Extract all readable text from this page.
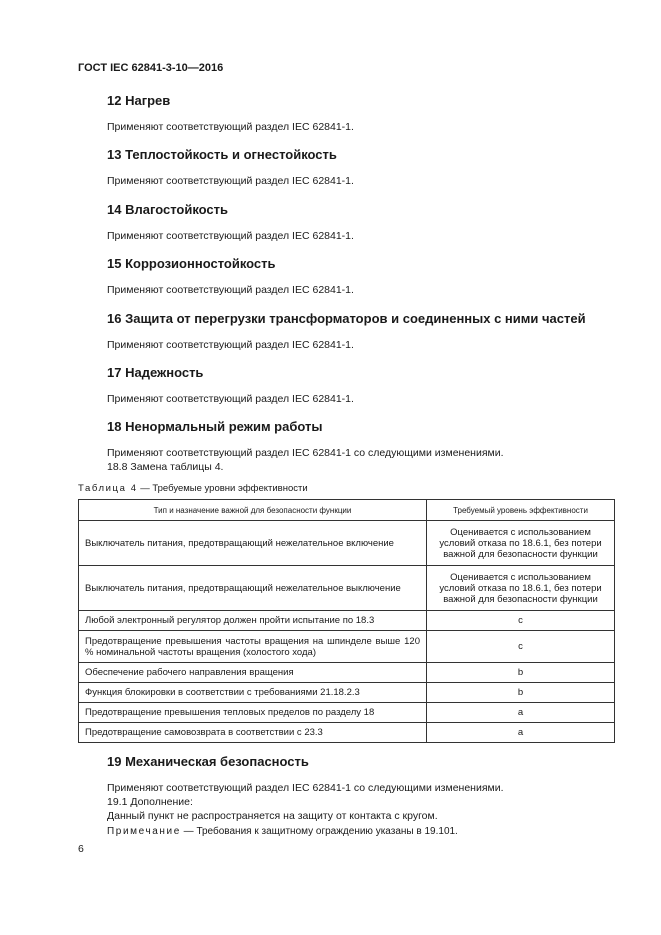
ГОСТ IEC 62841-3-10—2016
12 Нагрев
Применяют соответствующий раздел IEC 62841-1.
13 Теплостойкость и огнестойкость
Применяют соответствующий раздел IEC 62841-1.
14 Влагостойкость
Применяют соответствующий раздел IEC 62841-1.
15 Коррозионностойкость
Применяют соответствующий раздел IEC 62841-1.
16 Защита от перегрузки трансформаторов и соединенных с ними частей
Применяют соответствующий раздел IEC 62841-1.
17 Надежность
Применяют соответствующий раздел IEC 62841-1.
18 Ненормальный режим работы
Применяют соответствующий раздел IEC 62841-1 со следующими изменениями.
18.8 Замена таблицы 4.
Таблица 4 — Требуемые уровни эффективности
Тип и назначение важной для безопасности функции	Требуемый уровень эффективности
Выключатель питания, предотвращающий нежелательное включение	Оценивается с использованием условий отказа по 18.6.1, без потери важной для безопасности функции
Выключатель питания, предотвращающий нежелательное выключение	Оценивается с использованием условий отказа по 18.6.1, без потери важной для безопасности функции
Любой электронный регулятор должен пройти испытание по 18.3	c
Предотвращение превышения частоты вращения на шпинделе выше 120 % номинальной частоты вращения (холостого хода)	c
Обеспечение рабочего направления вращения	b
Функция блокировки в соответствии с требованиями 21.18.2.3	b
Предотвращение превышения тепловых пределов по разделу 18	a
Предотвращение самовозврата в соответствии с 23.3	a
19 Механическая безопасность
Применяют соответствующий раздел IEC 62841-1 со следующими изменениями.
19.1 Дополнение:
Данный пункт не распространяется на защиту от контакта с кругом.
Примечание — Требования к защитному ограждению указаны в 19.101.
6
